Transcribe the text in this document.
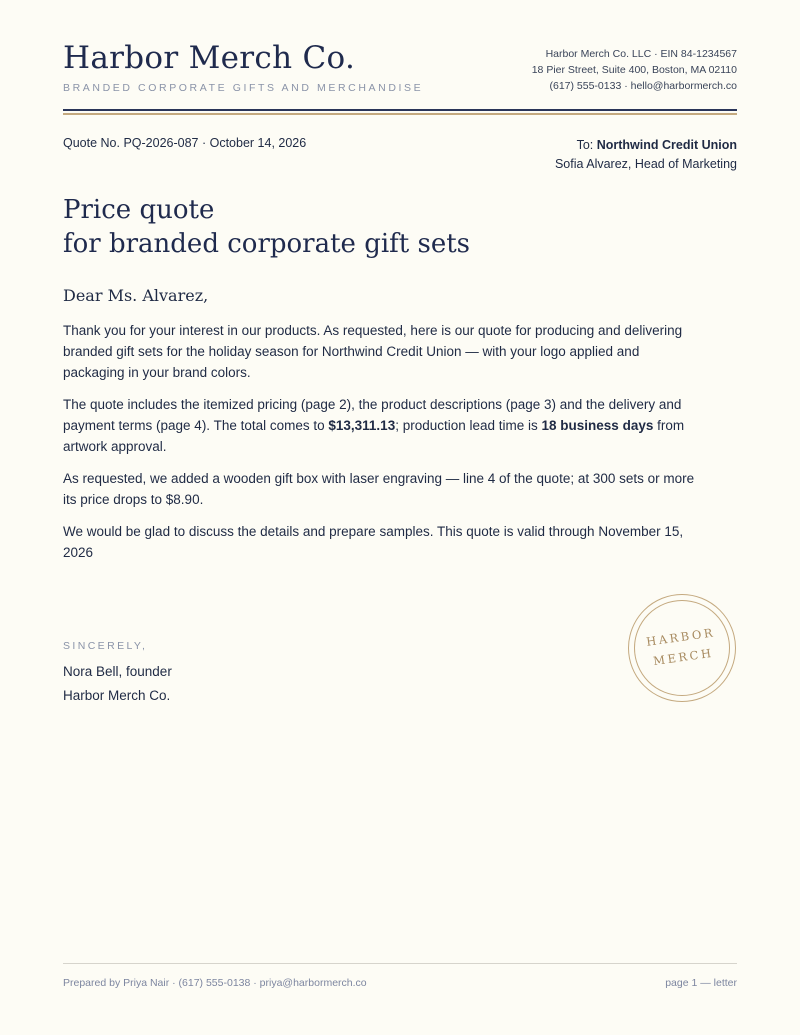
Harbor Merch Co.
BRANDED CORPORATE GIFTS AND MERCHANDISE
Harbor Merch Co. LLC · EIN 84-1234567
18 Pier Street, Suite 400, Boston, MA 02110
(617) 555-0133 · hello@harbormerch.co
Quote No. PQ-2026-087 · October 14, 2026	To: Northwind Credit Union
Sofia Alvarez, Head of Marketing
Price quote
for branded corporate gift sets
Dear Ms. Alvarez,

Thank you for your interest in our products. As requested, here is our quote for producing and delivering branded gift sets for the holiday season for Northwind Credit Union — with your logo applied and packaging in your brand colors.

The quote includes the itemized pricing (page 2), the product descriptions (page 3) and the delivery and payment terms (page 4). The total comes to $13,311.13; production lead time is 18 business days from artwork approval.

As requested, we added a wooden gift box with laser engraving — line 4 of the quote; at 300 sets or more its price drops to $8.90.

We would be glad to discuss the details and prepare samples. This quote is valid through November 15, 2026

SINCERELY,
Nora Bell, founder
Harbor Merch Co.
HARBOR
MERCH
Prepared by Priya Nair · (617) 555-0138 · priya@harbormerch.co	page 1 — letter
